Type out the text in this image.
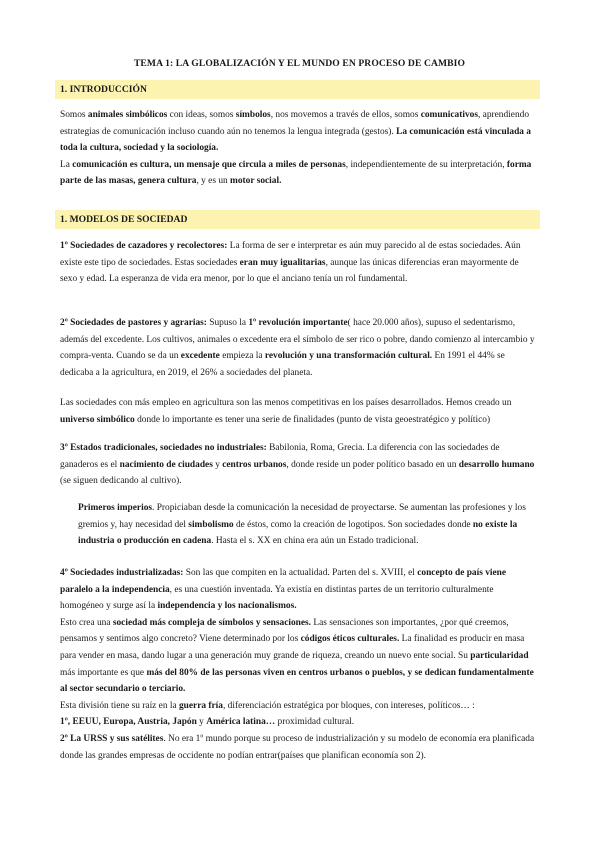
TEMA 1: LA GLOBALIZACIÓN Y EL MUNDO EN PROCESO DE CAMBIO
1. INTRODUCCIÓN
Somos animales simbólicos con ideas, somos símbolos, nos movemos a través de ellos, somos comunicativos, aprendiendo estrategias de comunicación incluso cuando aún no tenemos la lengua integrada (gestos). La comunicación está vinculada a toda la cultura, sociedad y la sociología.
La comunicación es cultura, un mensaje que circula a miles de personas, independientemente de su interpretación, forma parte de las masas, genera cultura, y es un motor social.
1. MODELOS DE SOCIEDAD
1º Sociedades de cazadores y recolectores: La forma de ser e interpretar es aún muy parecido al de estas sociedades. Aún existe este tipo de sociedades. Estas sociedades eran muy igualitarias, aunque las únicas diferencias eran mayormente de sexo y edad. La esperanza de vida era menor, por lo que el anciano tenía un rol fundamental.
2º Sociedades de pastores y agrarias: Supuso la 1º revolución importante( hace 20.000 años), supuso el sedentarismo, además del excedente. Los cultivos, animales o excedente era el símbolo de ser rico o pobre, dando comienzo al intercambio y compra-venta. Cuando se da un excedente empieza la revolución y una transformación cultural. En 1991 el 44% se dedicaba a la agricultura, en 2019, el 26% a sociedades del planeta.
Las sociedades con más empleo en agricultura son las menos competitivas en los países desarrollados. Hemos creado un universo simbólico donde lo importante es tener una serie de finalidades (punto de vista geoestratégico y político)
3º Estados tradicionales, sociedades no industriales: Babilonia, Roma, Grecia. La diferencia con las sociedades de ganaderos es el nacimiento de ciudades y centros urbanos, donde reside un poder político basado en un desarrollo humano (se siguen dedicando al cultivo).
Primeros imperios. Propiciaban desde la comunicación la necesidad de proyectarse. Se aumentan las profesiones y los gremios y, hay necesidad del simbolismo de éstos, como la creación de logotipos. Son sociedades donde no existe la industria o producción en cadena. Hasta el s. XX en china era aún un Estado tradicional.
4º Sociedades industrializadas: Son las que compiten en la actualidad. Parten del s. XVIII, el concepto de país viene paralelo a la independencia, es una cuestión inventada. Ya existía en distintas partes de un territorio culturalmente homogéneo y surge así la independencia y los nacionalismos.
Esto crea una sociedad más compleja de símbolos y sensaciones. Las sensaciones son importantes, ¿por qué creemos, pensamos y sentimos algo concreto? Viene determinado por los códigos éticos culturales. La finalidad es producir en masa para vender en masa, dando lugar a una generación muy grande de riqueza, creando un nuevo ente social. Su particularidad más importante es que más del 80% de las personas viven en centros urbanos o pueblos, y se dedican fundamentalmente al sector secundario o terciario.
Esta división tiene su raíz en la guerra fría, diferenciación estratégica por bloques, con intereses, políticos… :
1º, EEUU, Europa, Austria, Japón y América latina… proximidad cultural.
2º La URSS y sus satélites. No era 1º mundo porque su proceso de industrialización y su modelo de economía era planificada donde las grandes empresas de occidente no podían entrar(países que planifican economía son 2).
